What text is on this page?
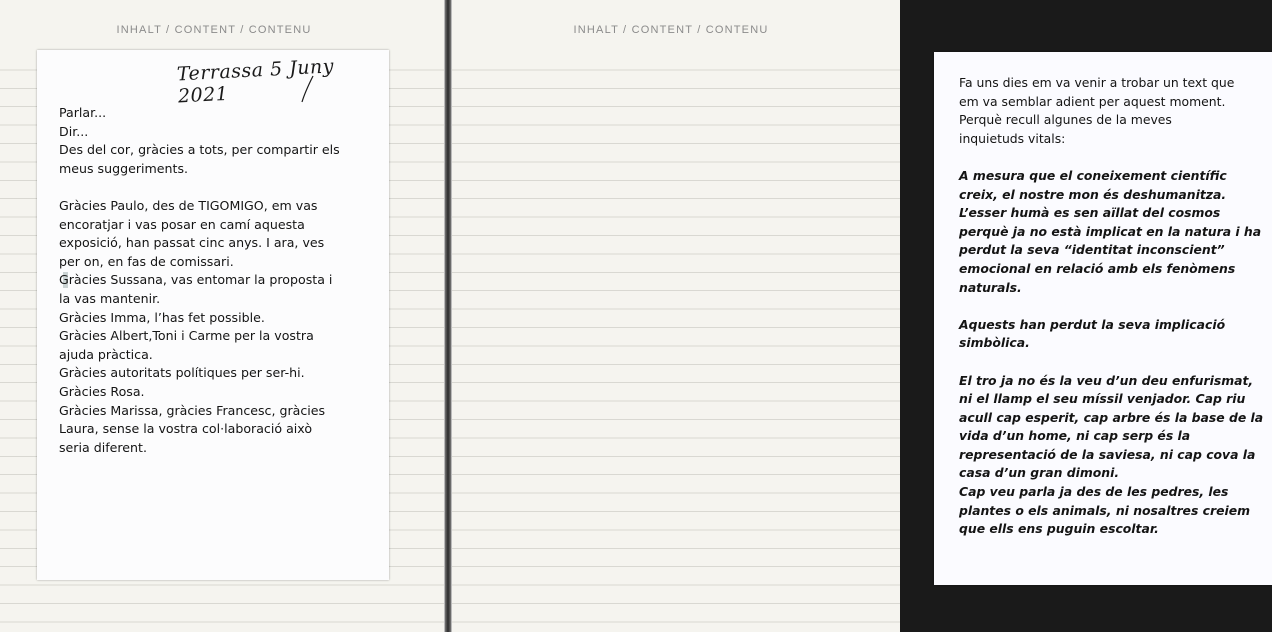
INHALT / CONTENT / CONTENU
Terrassa 5 Juny 2021
Parlar...
Dir...
Des del cor, gràcies a tots, per compartir els
meus suggeriments.
Gràcies Paulo, des de TIGOMIGO, em vas
encoratjar i vas posar en camí aquesta
exposició, han passat cinc anys. I ara, ves
per on, en fas de comissari.
Gràcies Sussana, vas entomar la proposta i
la vas mantenir.
Gràcies Imma, l’has fet possible.
Gràcies Albert,Toni i Carme per la vostra
ajuda pràctica.
Gràcies autoritats polítiques per ser-hi.
Gràcies Rosa.
Gràcies Marissa, gràcies Francesc, gràcies
Laura, sense la vostra col·laboració això
seria diferent.
INHALT / CONTENT / CONTENU
Fa uns dies em va venir a trobar un text que
em va semblar adient per aquest moment.
Perquè recull algunes de la meves
inquietuds vitals:
A mesura que el coneixement científic
creix, el nostre mon és deshumanitza.
L’esser humà es sen aïllat del cosmos
perquè ja no està implicat en la natura i ha
perdut la seva “identitat inconscient”
emocional en relació amb els fenòmens
naturals.
Aquests han perdut la seva implicació
simbòlica.
El tro ja no és la veu d’un deu enfurismat,
ni el llamp el seu míssil venjador. Cap riu
acull cap esperit, cap arbre és la base de la
vida d’un home, ni cap serp és la
representació de la saviesa, ni cap cova la
casa d’un gran dimoni.
Cap veu parla ja des de les pedres, les
plantes o els animals, ni nosaltres creiem
que ells ens puguin escoltar.
